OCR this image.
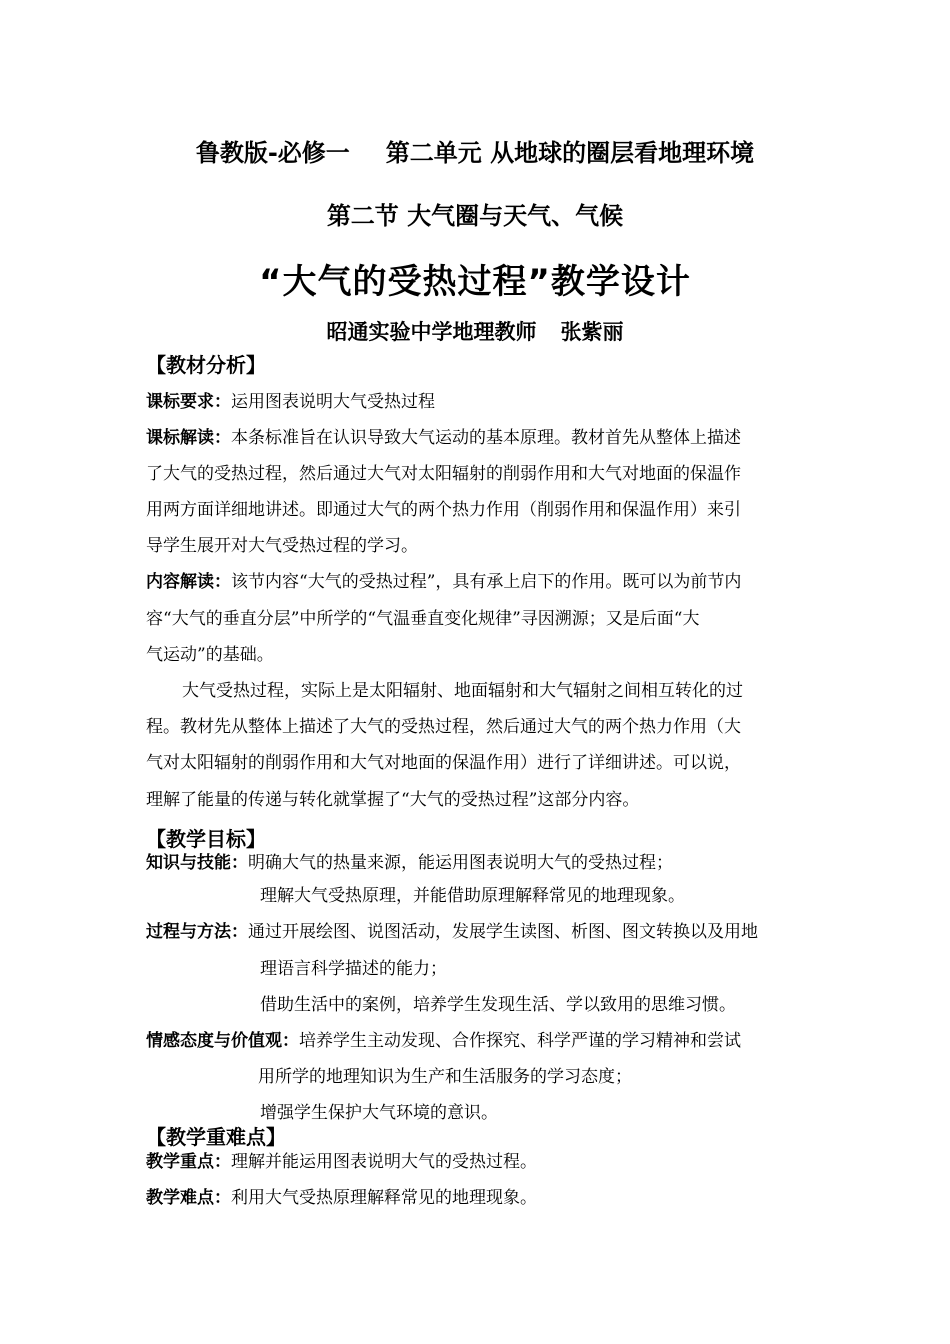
鲁教版-必修一 第二单元 从地球的圈层看地理环境
第二节 大气圈与天气、气候
“大气的受热过程”教学设计
昭通实验中学地理教师 张紫丽
【教材分析】
课标要求：运用图表说明大气受热过程
课标解读：本条标准旨在认识导致大气运动的基本原理。教材首先从整体上描述
了大气的受热过程，然后通过大气对太阳辐射的削弱作用和大气对地面的保温作
用两方面详细地讲述。即通过大气的两个热力作用（削弱作用和保温作用）来引
导学生展开对大气受热过程的学习。
内容解读：该节内容“大气的受热过程”，具有承上启下的作用。既可以为前节内
容“大气的垂直分层”中所学的“气温垂直变化规律”寻因溯源；又是后面“大
气运动”的基础。
大气受热过程，实际上是太阳辐射、地面辐射和大气辐射之间相互转化的过
程。教材先从整体上描述了大气的受热过程，然后通过大气的两个热力作用（大
气对太阳辐射的削弱作用和大气对地面的保温作用）进行了详细讲述。可以说，
理解了能量的传递与转化就掌握了“大气的受热过程”这部分内容。
【教学目标】
知识与技能：明确大气的热量来源，能运用图表说明大气的受热过程；
理解大气受热原理，并能借助原理解释常见的地理现象。
过程与方法：通过开展绘图、说图活动，发展学生读图、析图、图文转换以及用地
理语言科学描述的能力；
借助生活中的案例，培养学生发现生活、学以致用的思维习惯。
情感态度与价值观：培养学生主动发现、合作探究、科学严谨的学习精神和尝试
用所学的地理知识为生产和生活服务的学习态度；
增强学生保护大气环境的意识。
【教学重难点】
教学重点：理解并能运用图表说明大气的受热过程。
教学难点：利用大气受热原理解释常见的地理现象。
